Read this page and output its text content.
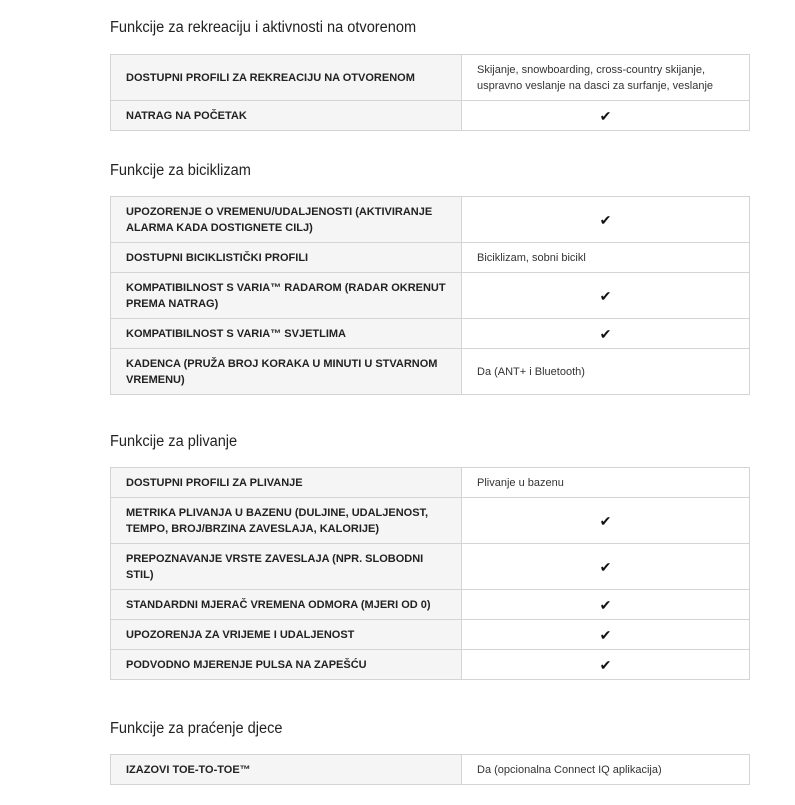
Funkcije za rekreaciju i aktivnosti na otvorenom
DOSTUPNI PROFILI ZA REKREACIJU NA OTVORENOM	Skijanje, snowboarding, cross-country skijanje, uspravno veslanje na dasci za surfanje, veslanje
NATRAG NA POČETAK	✔
Funkcije za biciklizam
UPOZORENJE O VREMENU/UDALJENOSTI (AKTIVIRANJE ALARMA KADA DOSTIGNETE CILJ)	✔
DOSTUPNI BICIKLISTIČKI PROFILI	Biciklizam, sobni bicikl
KOMPATIBILNOST S VARIA™ RADAROM (RADAR OKRENUT PREMA NATRAG)	✔
KOMPATIBILNOST S VARIA™ SVJETLIMA	✔
KADENCA (PRUŽA BROJ KORAKA U MINUTI U STVARNOM VREMENU)	Da (ANT+ i Bluetooth)
Funkcije za plivanje
DOSTUPNI PROFILI ZA PLIVANJE	Plivanje u bazenu
METRIKA PLIVANJA U BAZENU (DULJINE, UDALJENOST, TEMPO, BROJ/BRZINA ZAVESLAJA, KALORIJE)	✔
PREPOZNAVANJE VRSTE ZAVESLAJA (NPR. SLOBODNI STIL)	✔
STANDARDNI MJERAČ VREMENA ODMORA (MJERI OD 0)	✔
UPOZORENJA ZA VRIJEME I UDALJENOST	✔
PODVODNO MJERENJE PULSA NA ZAPEŠĆU	✔
Funkcije za praćenje djece
IZAZOVI TOE-TO-TOE™	Da (opcionalna Connect IQ aplikacija)
